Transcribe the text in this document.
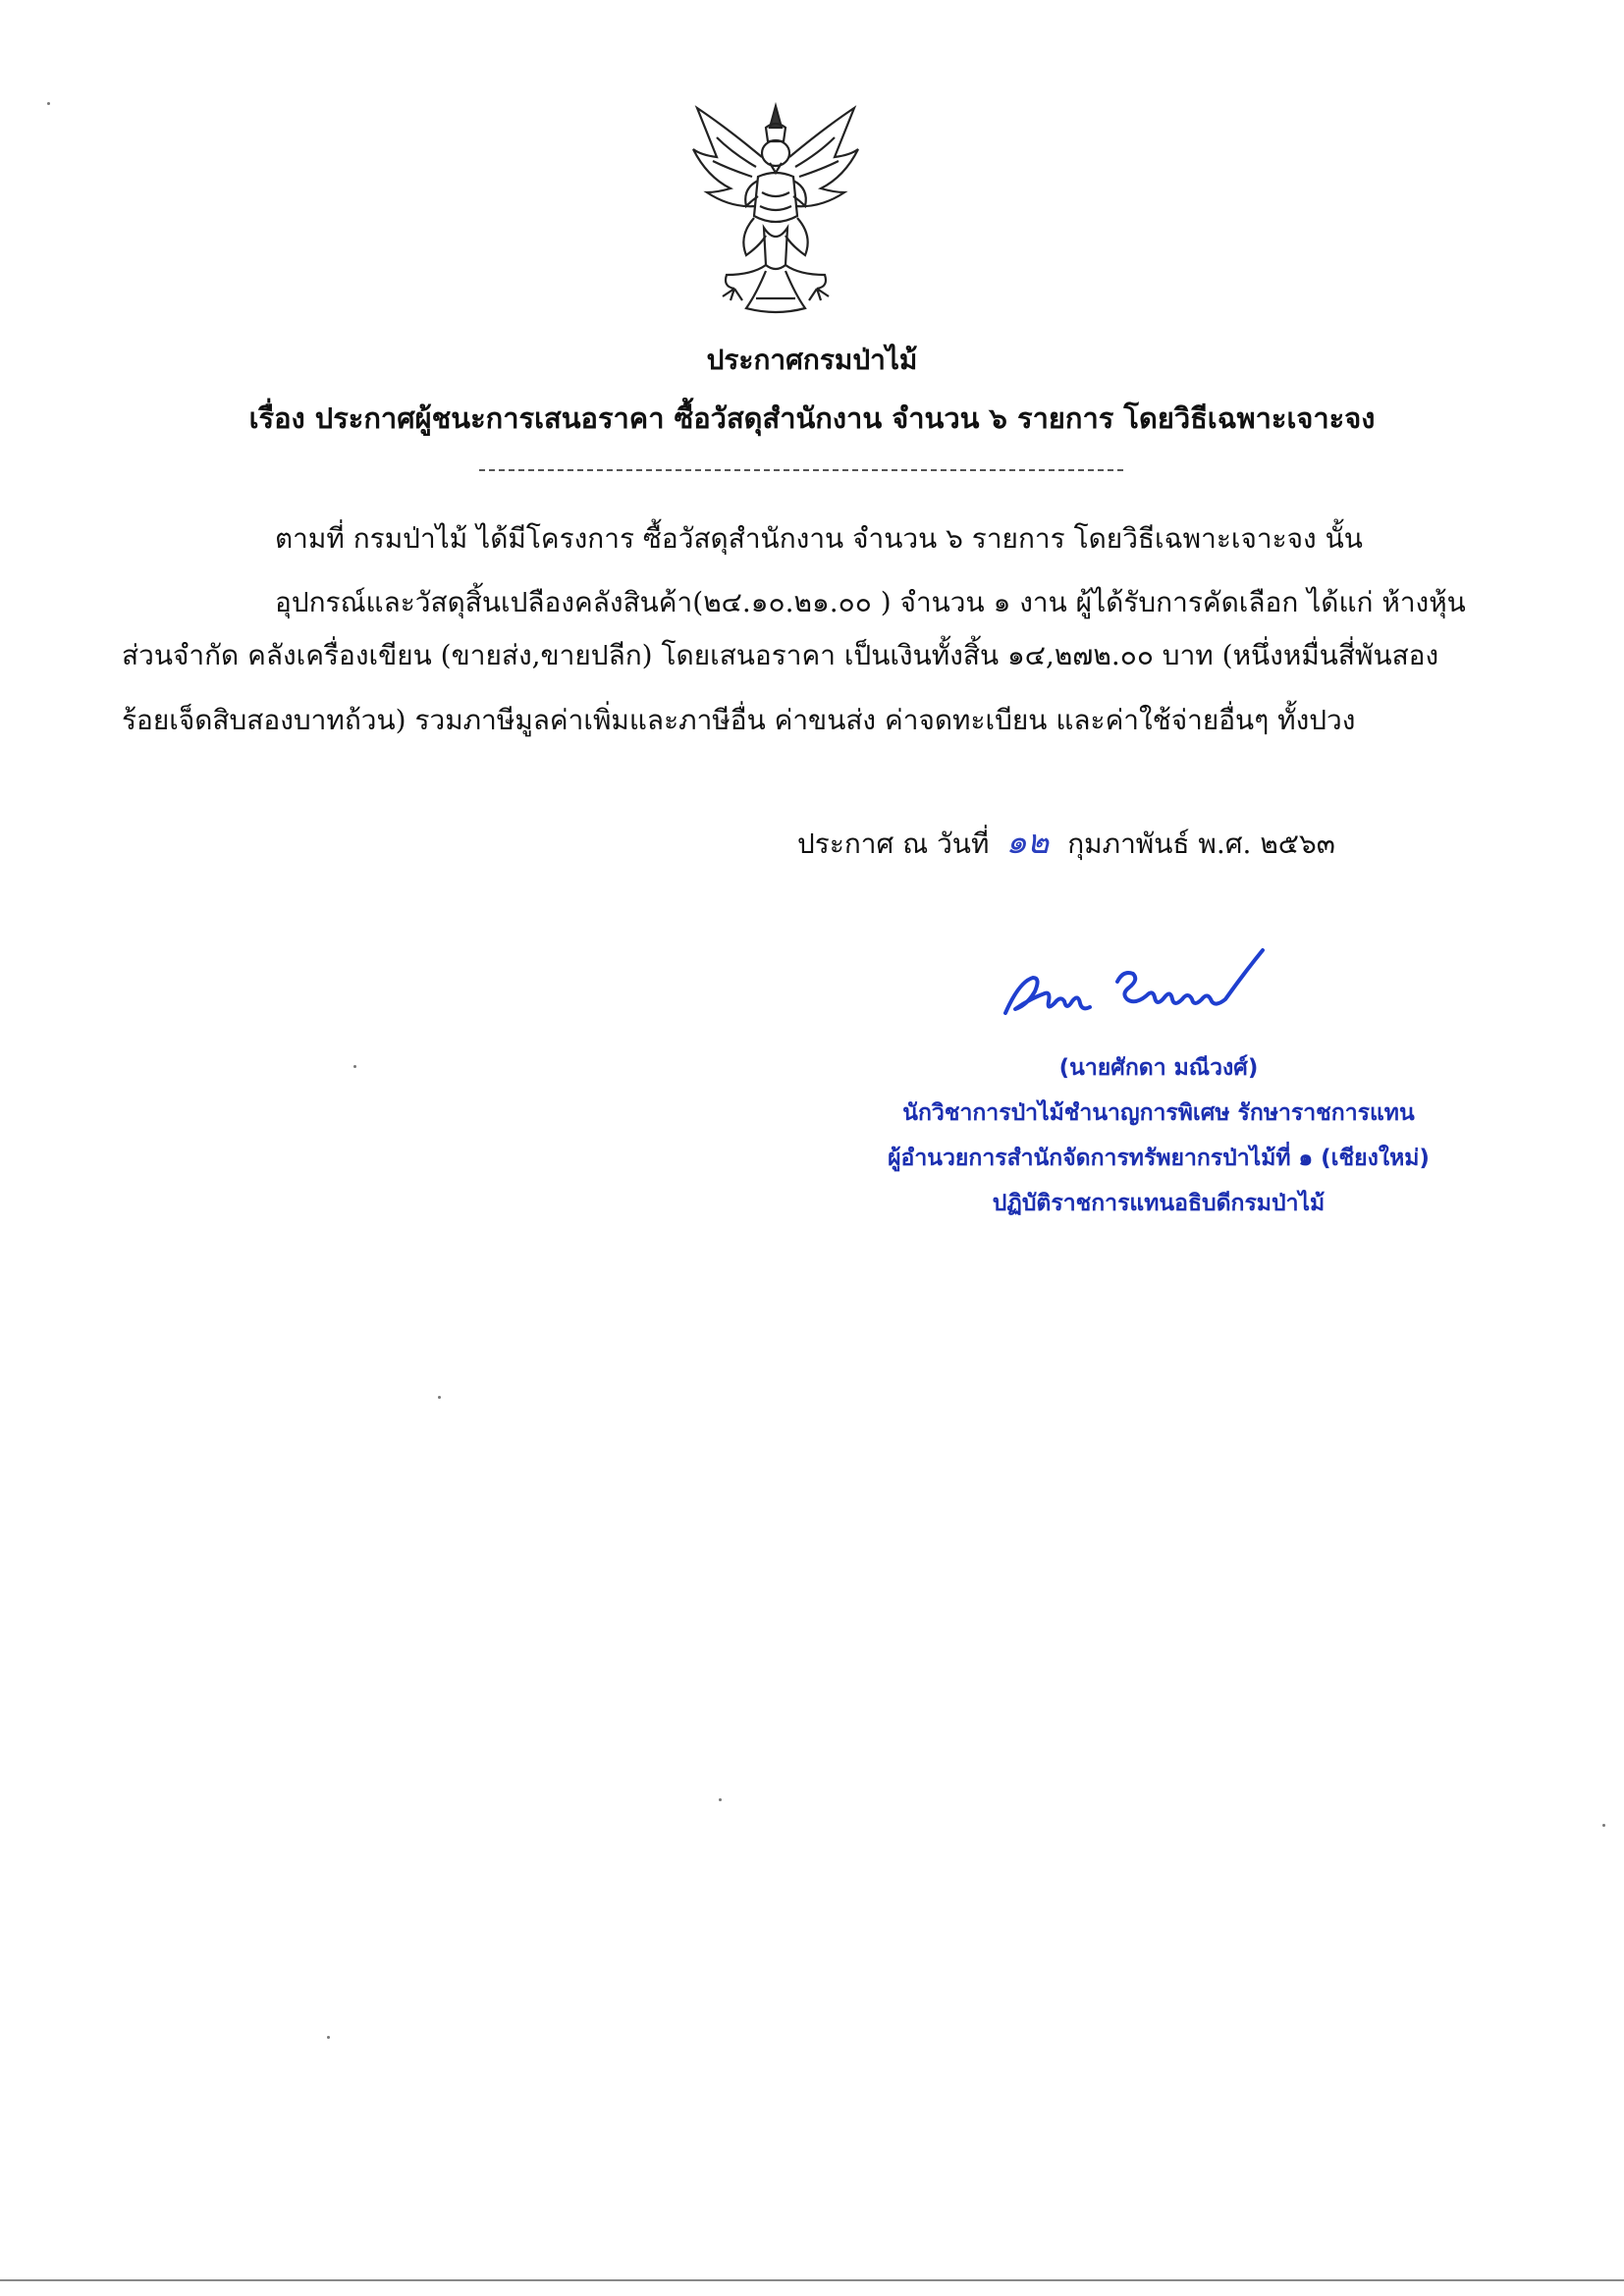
ประกาศกรมป่าไม้
เรื่อง ประกาศผู้ชนะการเสนอราคา ซื้อวัสดุสำนักงาน จำนวน ๖ รายการ โดยวิธีเฉพาะเจาะจง
ตามที่ กรมป่าไม้ ได้มีโครงการ ซื้อวัสดุสำนักงาน จำนวน ๖ รายการ โดยวิธีเฉพาะเจาะจง นั้น
อุปกรณ์และวัสดุสิ้นเปลืองคลังสินค้า(๒๔.๑๐.๒๑.๐๐ ) จำนวน ๑ งาน ผู้ได้รับการคัดเลือก ได้แก่ ห้างหุ้น
ส่วนจำกัด คลังเครื่องเขียน (ขายส่ง,ขายปลีก) โดยเสนอราคา เป็นเงินทั้งสิ้น ๑๔,๒๗๒.๐๐ บาท (หนึ่งหมื่นสี่พันสอง
ร้อยเจ็ดสิบสองบาทถ้วน) รวมภาษีมูลค่าเพิ่มและภาษีอื่น ค่าขนส่ง ค่าจดทะเบียน และค่าใช้จ่ายอื่นๆ ทั้งปวง
ประกาศ ณ วันที่ ๑๒ กุมภาพันธ์ พ.ศ. ๒๕๖๓
(นายศักดา มณีวงศ์)
นักวิชาการป่าไม้ชำนาญการพิเศษ รักษาราชการแทน
ผู้อำนวยการสำนักจัดการทรัพยากรป่าไม้ที่ ๑ (เชียงใหม่)
ปฏิบัติราชการแทนอธิบดีกรมป่าไม้
